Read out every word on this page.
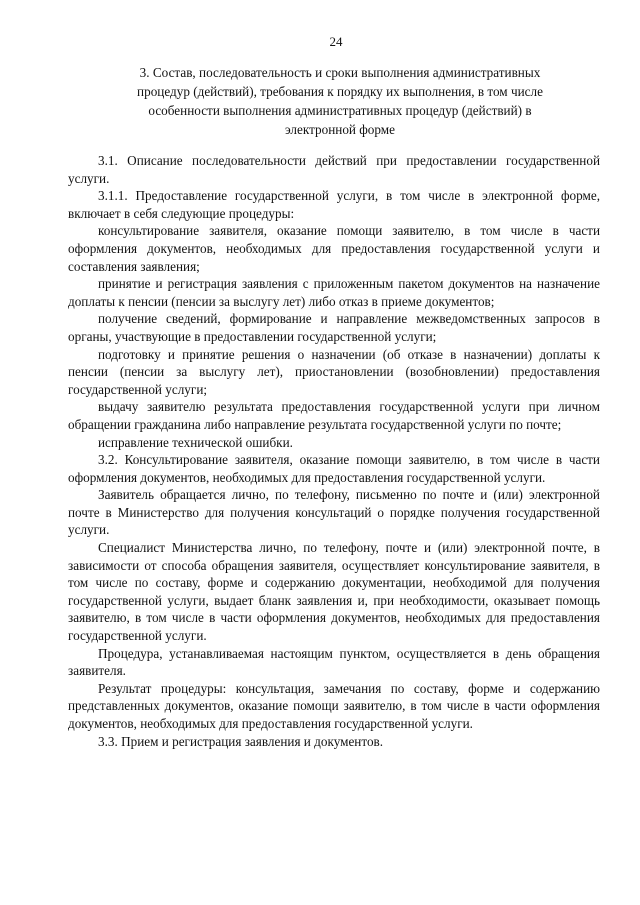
24
3. Состав, последовательность и сроки выполнения административных процедур (действий), требования к порядку их выполнения, в том числе особенности выполнения административных процедур (действий) в электронной форме

3.1. Описание последовательности действий при предоставлении государственной услуги.

3.1.1. Предоставление государственной услуги, в том числе в электронной форме, включает в себя следующие процедуры:

консультирование заявителя, оказание помощи заявителю, в том числе в части оформления документов, необходимых для предоставления государственной услуги и составления заявления;

принятие и регистрация заявления с приложенным пакетом документов на назначение доплаты к пенсии (пенсии за выслугу лет) либо отказ в приеме документов;

получение сведений, формирование и направление межведомственных запросов в органы, участвующие в предоставлении государственной услуги;

подготовку и принятие решения о назначении (об отказе в назначении) доплаты к пенсии (пенсии за выслугу лет), приостановлении (возобновлении) предоставления государственной услуги;

выдачу заявителю результата предоставления государственной услуги при личном обращении гражданина либо направление результата государственной услуги по почте;

исправление технической ошибки.

3.2. Консультирование заявителя, оказание помощи заявителю, в том числе в части оформления документов, необходимых для предоставления государственной услуги.

Заявитель обращается лично, по телефону, письменно по почте и (или) электронной почте в Министерство для получения консультаций о порядке получения государственной услуги.

Специалист Министерства лично, по телефону, почте и (или) электронной почте, в зависимости от способа обращения заявителя, осуществляет консультирование заявителя, в том числе по составу, форме и содержанию документации, необходимой для получения государственной услуги, выдает бланк заявления и, при необходимости, оказывает помощь заявителю, в том числе в части оформления документов, необходимых для предоставления государственной услуги.

Процедура, устанавливаемая настоящим пунктом, осуществляется в день обращения заявителя.

Результат процедуры: консультация, замечания по составу, форме и содержанию представленных документов, оказание помощи заявителю, в том числе в части оформления документов, необходимых для предоставления государственной услуги.

3.3. Прием и регистрация заявления и документов.
